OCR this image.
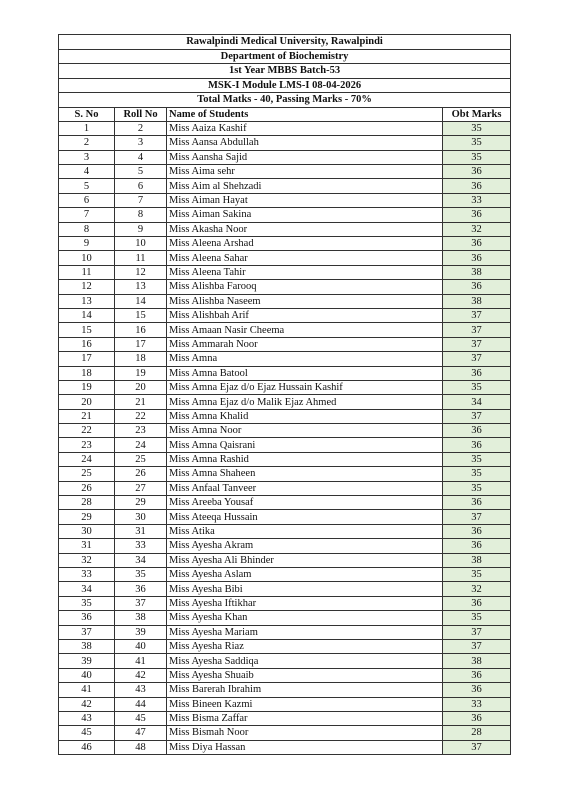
Rawalpindi Medical University, Rawalpindi			
Department of Biochemistry			
1st Year MBBS Batch-53			
MSK-I Module LMS-I 08-04-2026			
Total Matks - 40, Passing Marks - 70%			
S. No	Roll No	Name of Students	Obt Marks
1	2	Miss Aaiza Kashif	35
2	3	Miss Aansa Abdullah	35
3	4	Miss Aansha Sajid	35
4	5	Miss Aima sehr	36
5	6	Miss Aim al Shehzadi	36
6	7	Miss Aiman Hayat	33
7	8	Miss Aiman Sakina	36
8	9	Miss Akasha Noor	32
9	10	Miss Aleena Arshad	36
10	11	Miss Aleena Sahar	36
11	12	Miss Aleena Tahir	38
12	13	Miss Alishba Farooq	36
13	14	Miss Alishba Naseem	38
14	15	Miss Alishbah Arif	37
15	16	Miss Amaan Nasir Cheema	37
16	17	Miss Ammarah Noor	37
17	18	Miss Amna	37
18	19	Miss Amna Batool	36
19	20	Miss Amna Ejaz d/o Ejaz Hussain Kashif	35
20	21	Miss Amna Ejaz d/o Malik Ejaz Ahmed	34
21	22	Miss Amna Khalid	37
22	23	Miss Amna Noor	36
23	24	Miss Amna Qaisrani	36
24	25	Miss Amna Rashid	35
25	26	Miss Amna Shaheen	35
26	27	Miss Anfaal Tanveer	35
28	29	Miss Areeba Yousaf	36
29	30	Miss Ateeqa Hussain	37
30	31	Miss Atika	36
31	33	Miss Ayesha Akram	36
32	34	Miss Ayesha Ali Bhinder	38
33	35	Miss Ayesha Aslam	35
34	36	Miss Ayesha Bibi	32
35	37	Miss Ayesha Iftikhar	36
36	38	Miss Ayesha Khan	35
37	39	Miss Ayesha Mariam	37
38	40	Miss Ayesha Riaz	37
39	41	Miss Ayesha Saddiqa	38
40	42	Miss Ayesha Shuaib	36
41	43	Miss Barerah Ibrahim	36
42	44	Miss Bineen Kazmi	33
43	45	Miss Bisma Zaffar	36
45	47	Miss Bismah Noor	28
46	48	Miss Diya Hassan	37
